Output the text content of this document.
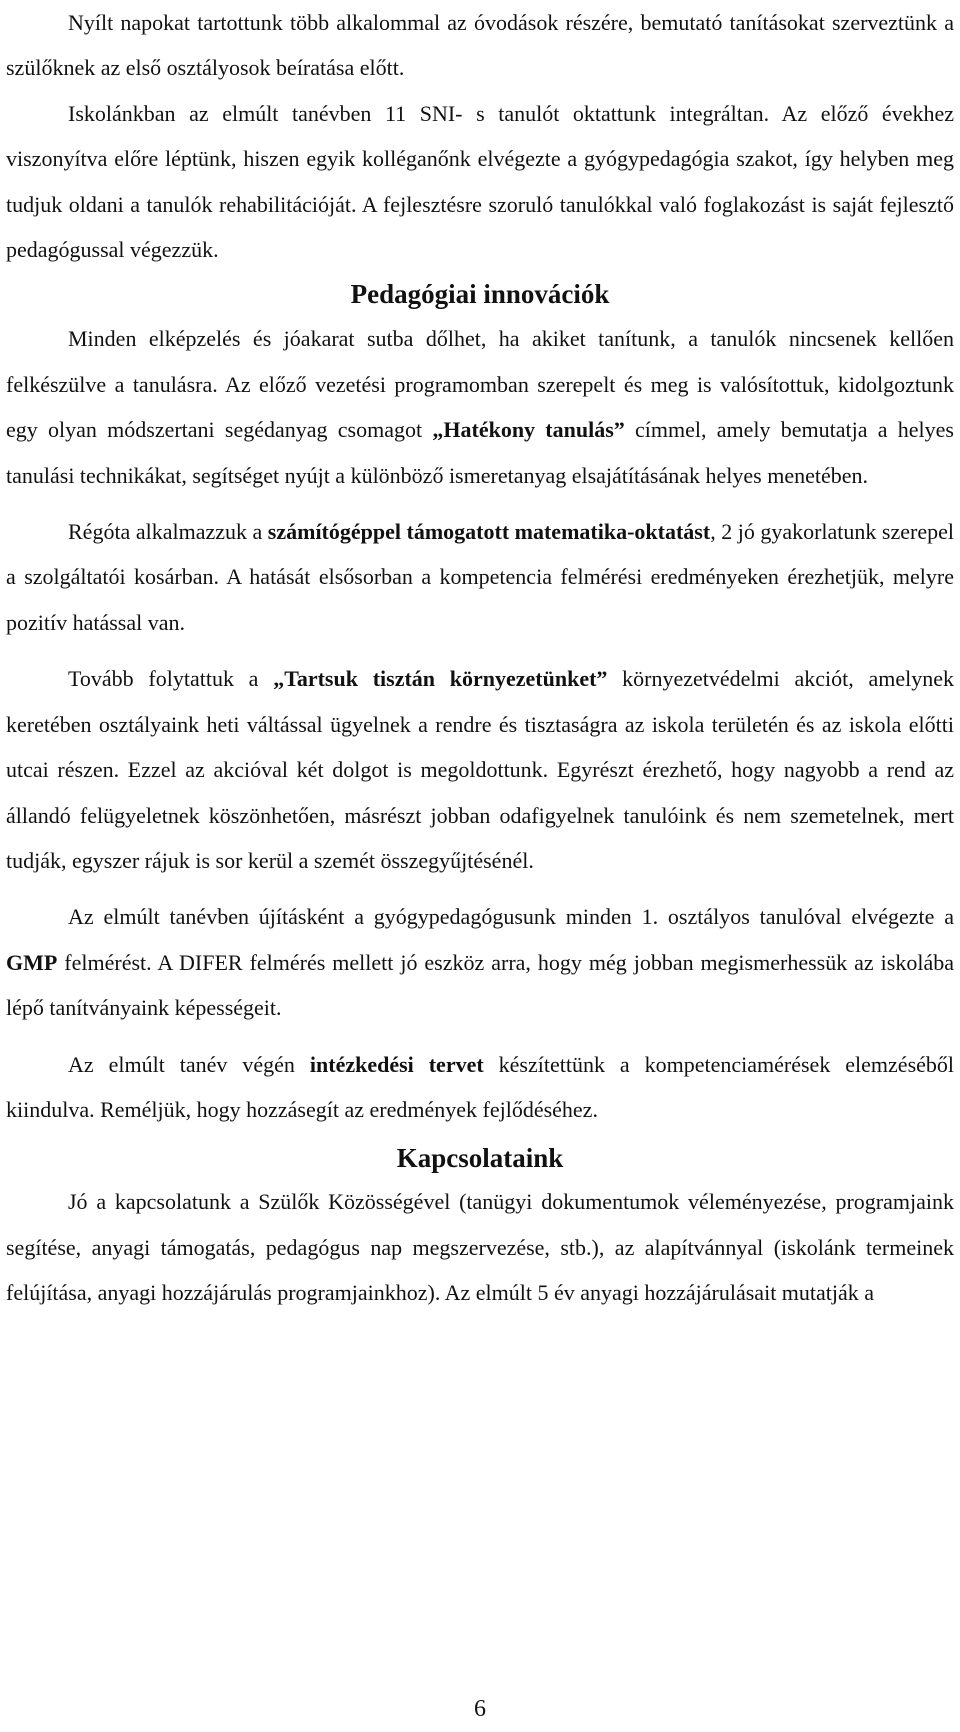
Nyílt napokat tartottunk több alkalommal az óvodások részére, bemutató tanításokat szerveztünk a szülőknek az első osztályosok beíratása előtt.

Iskolánkban az elmúlt tanévben 11 SNI- s tanulót oktattunk integráltan. Az előző évekhez viszonyítva előre léptünk, hiszen egyik kolléganőnk elvégezte a gyógypedagógia szakot, így helyben meg tudjuk oldani a tanulók rehabilitációját. A fejlesztésre szoruló tanulókkal való foglakozást is saját fejlesztő pedagógussal végezzük.

Pedagógiai innovációk

Minden elképzelés és jóakarat sutba dőlhet, ha akiket tanítunk, a tanulók nincsenek kellően felkészülve a tanulásra. Az előző vezetési programomban szerepelt és meg is valósítottuk, kidolgoztunk egy olyan módszertani segédanyag csomagot „Hatékony tanulás” címmel, amely bemutatja a helyes tanulási technikákat, segítséget nyújt a különböző ismeretanyag elsajátításának helyes menetében.

Régóta alkalmazzuk a számítógéppel támogatott matematika-oktatást, 2 jó gyakorlatunk szerepel a szolgáltatói kosárban. A hatását elsősorban a kompetencia felmérési eredményeken érezhetjük, melyre pozitív hatással van.

Tovább folytattuk a „Tartsuk tisztán környezetünket” környezetvédelmi akciót, amelynek keretében osztályaink heti váltással ügyelnek a rendre és tisztaságra az iskola területén és az iskola előtti utcai részen. Ezzel az akcióval két dolgot is megoldottunk. Egyrészt érezhető, hogy nagyobb a rend az állandó felügyeletnek köszönhetően, másrészt jobban odafigyelnek tanulóink és nem szemetelnek, mert tudják, egyszer rájuk is sor kerül a szemét összegyűjtésénél.

Az elmúlt tanévben újításként a gyógypedagógusunk minden 1. osztályos tanulóval elvégezte a GMP felmérést. A DIFER felmérés mellett jó eszköz arra, hogy még jobban megismerhessük az iskolába lépő tanítványaink képességeit.

Az elmúlt tanév végén intézkedési tervet készítettünk a kompetenciamérések elemzéséből kiindulva. Reméljük, hogy hozzásegít az eredmények fejlődéséhez.

Kapcsolataink

Jó a kapcsolatunk a Szülők Közösségével (tanügyi dokumentumok véleményezése, programjaink segítése, anyagi támogatás, pedagógus nap megszervezése, stb.), az alapítvánnyal (iskolánk termeinek felújítása, anyagi hozzájárulás programjainkhoz). Az elmúlt 5 év anyagi hozzájárulásait mutatják a

6
